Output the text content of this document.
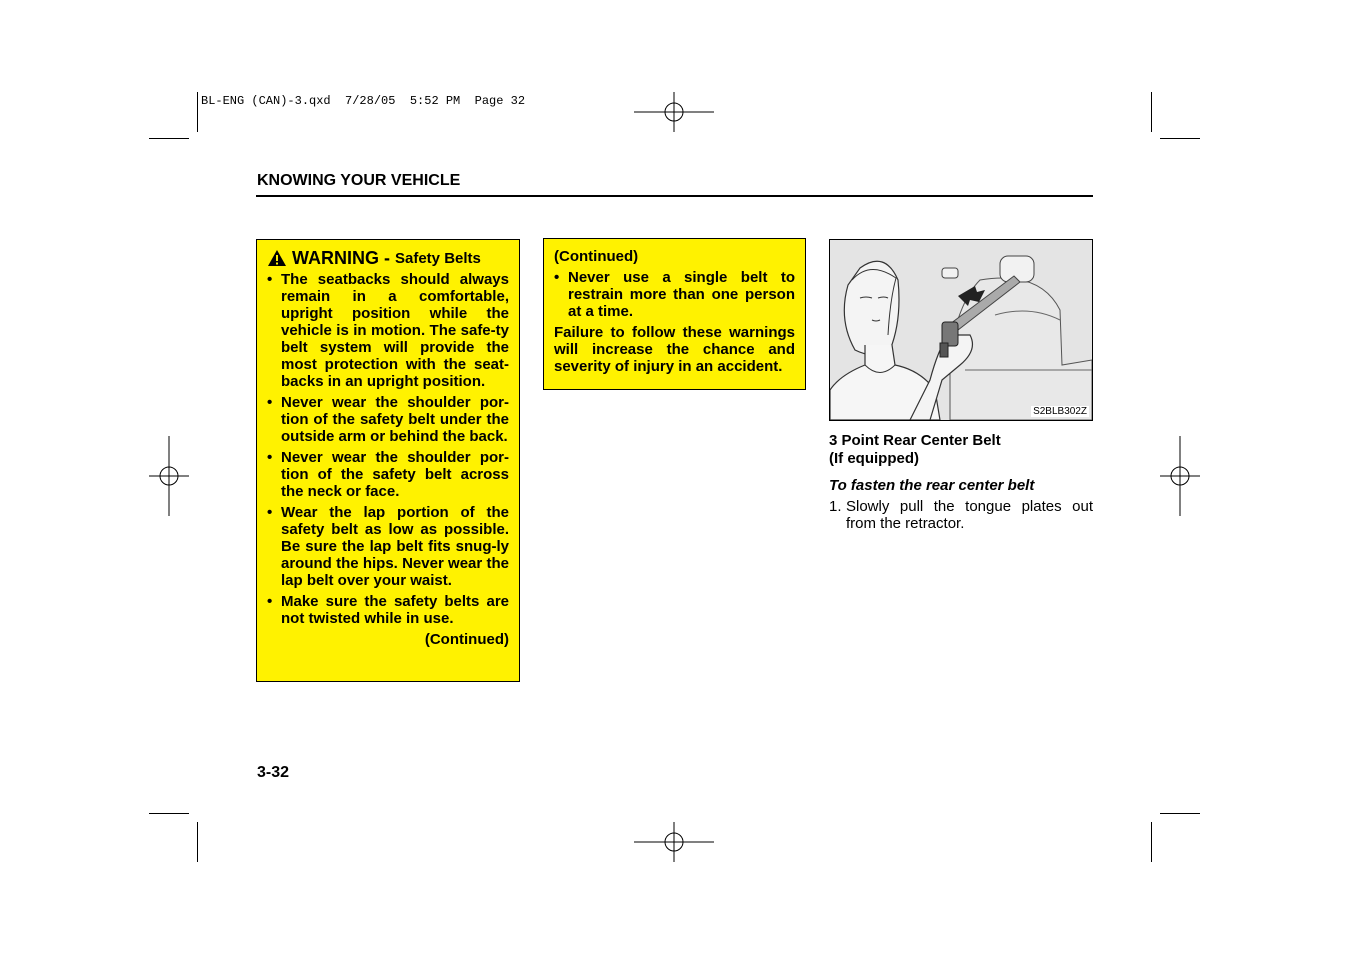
BL-ENG (CAN)-3.qxd  7/28/05  5:52 PM  Page 32
KNOWING YOUR VEHICLE
WARNING - Safety Belts
• The seatbacks should always remain in a comfortable, upright position while the vehicle is in motion. The safe-ty belt system will provide the most protection with the seat-backs in an upright position.
• Never wear the shoulder por-tion of the safety belt under the outside arm or behind the back.
• Never wear the shoulder por-tion of the safety belt across the neck or face.
• Wear the lap portion of the safety belt as low as possible. Be sure the lap belt fits snug-ly around the hips. Never wear the lap belt over your waist.
• Make sure the safety belts are not twisted while in use.
(Continued)
(Continued)
• Never use a single belt to restrain more than one person at a time.
Failure to follow these warnings will increase the chance and severity of injury in an accident.
S2BLB302Z
3 Point Rear Center Belt
(If equipped)
To fasten the rear center belt
1. Slowly pull the tongue plates out from the retractor.
3-32
